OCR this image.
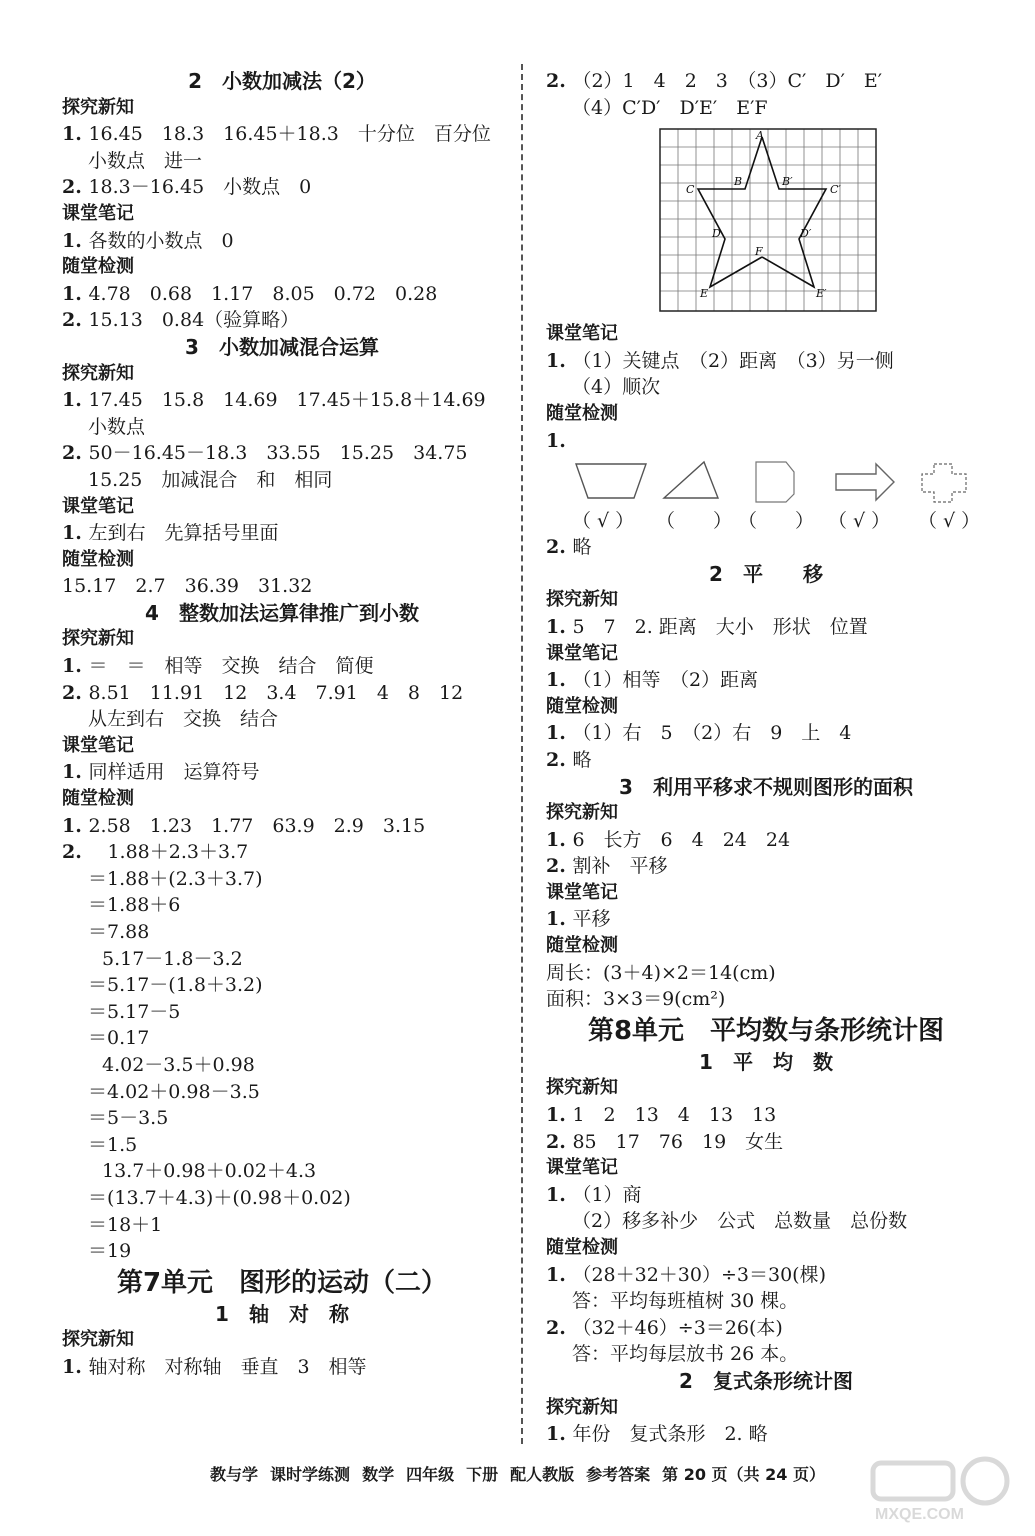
2　小数加减法（2）
探究新知
1. 16.45　18.3　16.45＋18.3　十分位　百分位
小数点　进一
2. 18.3－16.45　小数点　0
课堂笔记
1. 各数的小数点　0
随堂检测
1. 4.78　0.68　1.17　8.05　0.72　0.28
2. 15.13　0.84（验算略）
3　小数加减混合运算
探究新知
1. 17.45　15.8　14.69　17.45＋15.8＋14.69
小数点
2. 50－16.45－18.3　33.55　15.25　34.75
15.25　加减混合　和　相同
课堂笔记
1. 左到右　先算括号里面
随堂检测
15.17　2.7　36.39　31.32
4　整数加法运算律推广到小数
探究新知
1. ＝　＝　相等　交换　结合　简便
2. 8.51　11.91　12　3.4　7.91　4　8　12
从左到右　交换　结合
课堂笔记
1. 同样适用　运算符号
随堂检测
1. 2.58　1.23　1.77　63.9　2.9　3.15
2. 　1.88＋2.3＋3.7
＝1.88＋(2.3＋3.7)
＝1.88＋6
＝7.88
5.17－1.8－3.2
＝5.17－(1.8＋3.2)
＝5.17－5
＝0.17
4.02－3.5＋0.98
＝4.02＋0.98－3.5
＝5－3.5
＝1.5
13.7＋0.98＋0.02＋4.3
＝(13.7＋4.3)＋(0.98＋0.02)
＝18＋1
＝19
第7单元　图形的运动（二）
1　轴　对　称
探究新知
1. 轴对称　对称轴　垂直　3　相等
2. （2）1　4　2　3　（3）C′　D′　E′
（4）C′D′　D′E′　E′F
A
B	B′
C	C′
D	D′
E	E′
F
课堂笔记
1. （1）关键点　（2）距离　（3）另一侧
（4）顺次
随堂检测
1.
（ √ ） （　　） （　　） （ √ ） （ √ ）
2. 略
2　平　　移
探究新知
1. 5　7　2. 距离　大小　形状　位置
课堂笔记
1. （1）相等　（2）距离
随堂检测
1. （1）右　5　（2）右　9　上　4
2. 略
3　利用平移求不规则图形的面积
探究新知
1. 6　长方　6　4　24　24
2. 割补　平移
课堂笔记
1. 平移
随堂检测
周长：(3＋4)×2＝14(cm)
面积：3×3＝9(cm²)
第8单元　平均数与条形统计图
1　平　均　数
探究新知
1. 1　2　13　4　13　13
2. 85　17　76　19　女生
课堂笔记
1. （1）商
（2）移多补少　公式　总数量　总份数
随堂检测
1. （28＋32＋30）÷3＝30(棵)
答：平均每班植树 30 棵。
2. （32＋46）÷3＝26(本)
答：平均每层放书 26 本。
2　复式条形统计图
探究新知
1. 年份　复式条形　2. 略
教与学 课时学练测 数学 四年级 下册 配人教版 参考答案 第 20 页（共 24 页）
MXQE.COM
